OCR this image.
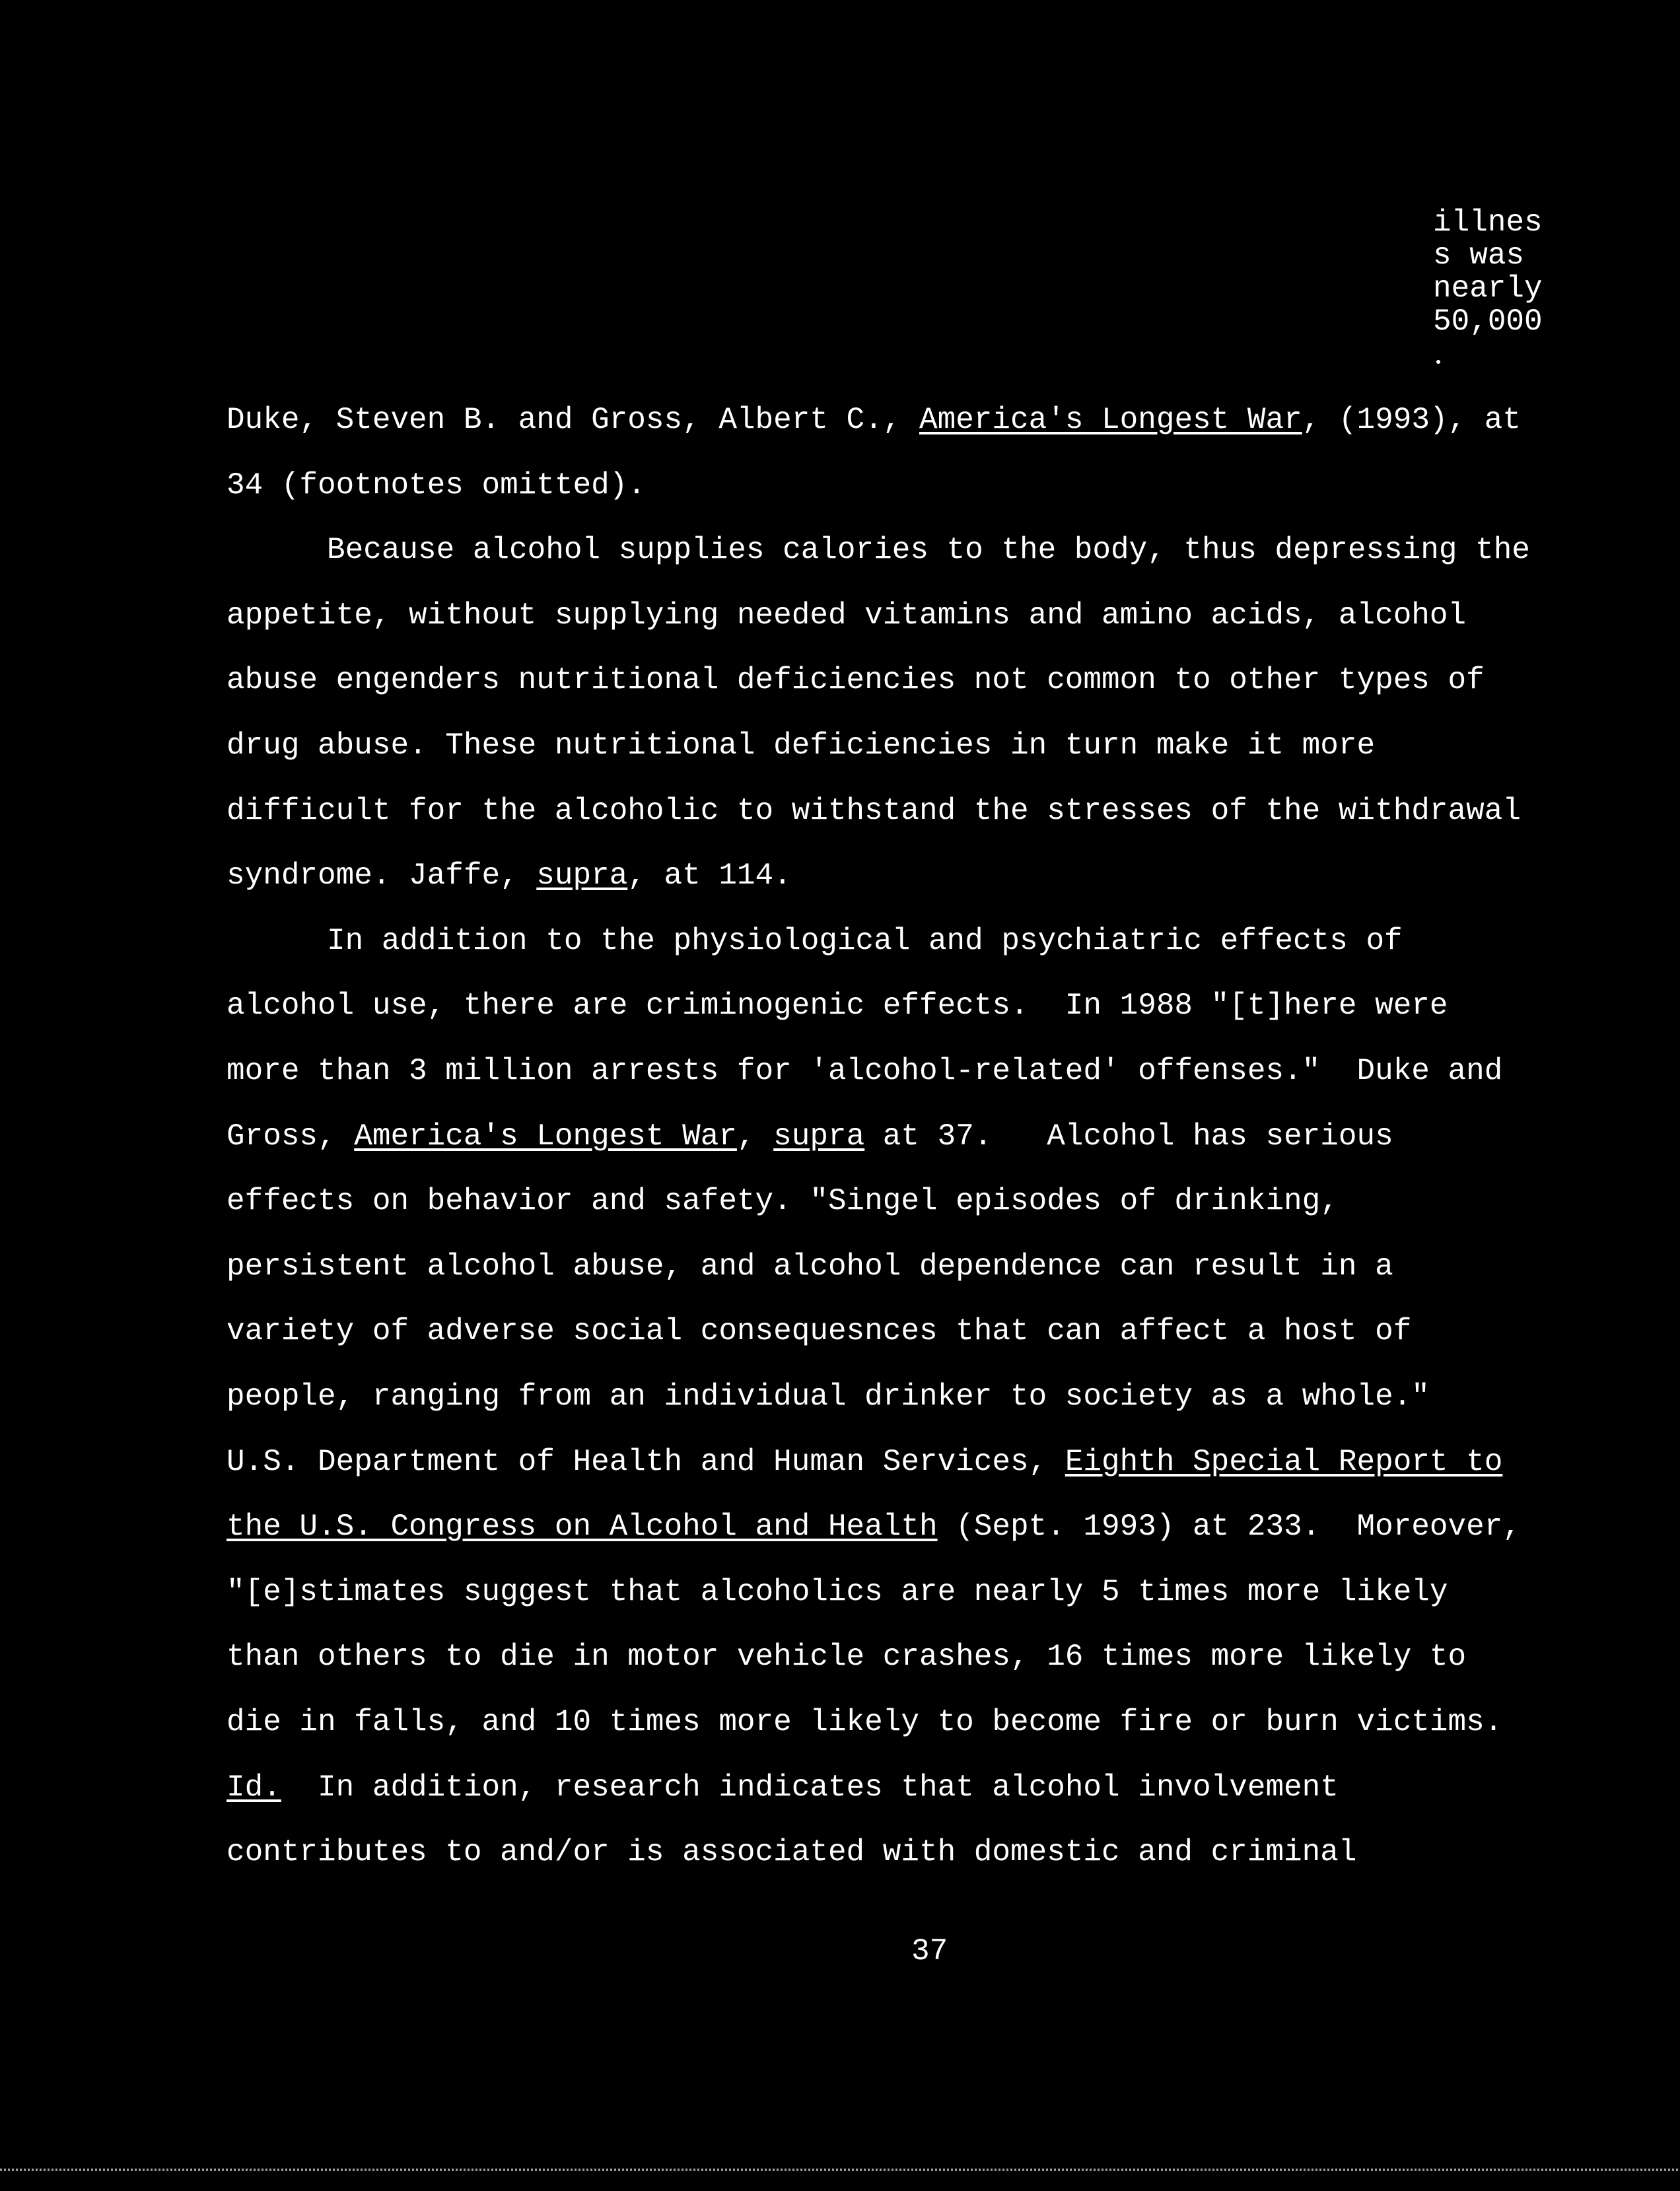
illnes
s was
nearly
50,000
Duke, Steven B. and Gross, Albert C., America's Longest War, (1993), at
34 (footnotes omitted).
Because alcohol supplies calories to the body, thus depressing the
appetite, without supplying needed vitamins and amino acids, alcohol
abuse engenders nutritional deficiencies not common to other types of
drug abuse. These nutritional deficiencies in turn make it more
difficult for the alcoholic to withstand the stresses of the withdrawal
syndrome. Jaffe, supra, at 114.
In addition to the physiological and psychiatric effects of
alcohol use, there are criminogenic effects.  In 1988 "[t]here were
more than 3 million arrests for 'alcohol-related' offenses."  Duke and
Gross, America's Longest War, supra at 37.   Alcohol has serious
effects on behavior and safety. "Singel episodes of drinking,
persistent alcohol abuse, and alcohol dependence can result in a
variety of adverse social consequesnces that can affect a host of
people, ranging from an individual drinker to society as a whole."
U.S. Department of Health and Human Services, Eighth Special Report to
the U.S. Congress on Alcohol and Health (Sept. 1993) at 233.  Moreover,
"[e]stimates suggest that alcoholics are nearly 5 times more likely
than others to die in motor vehicle crashes, 16 times more likely to
die in falls, and 10 times more likely to become fire or burn victims.
Id.  In addition, research indicates that alcohol involvement
contributes to and/or is associated with domestic and criminal
37
